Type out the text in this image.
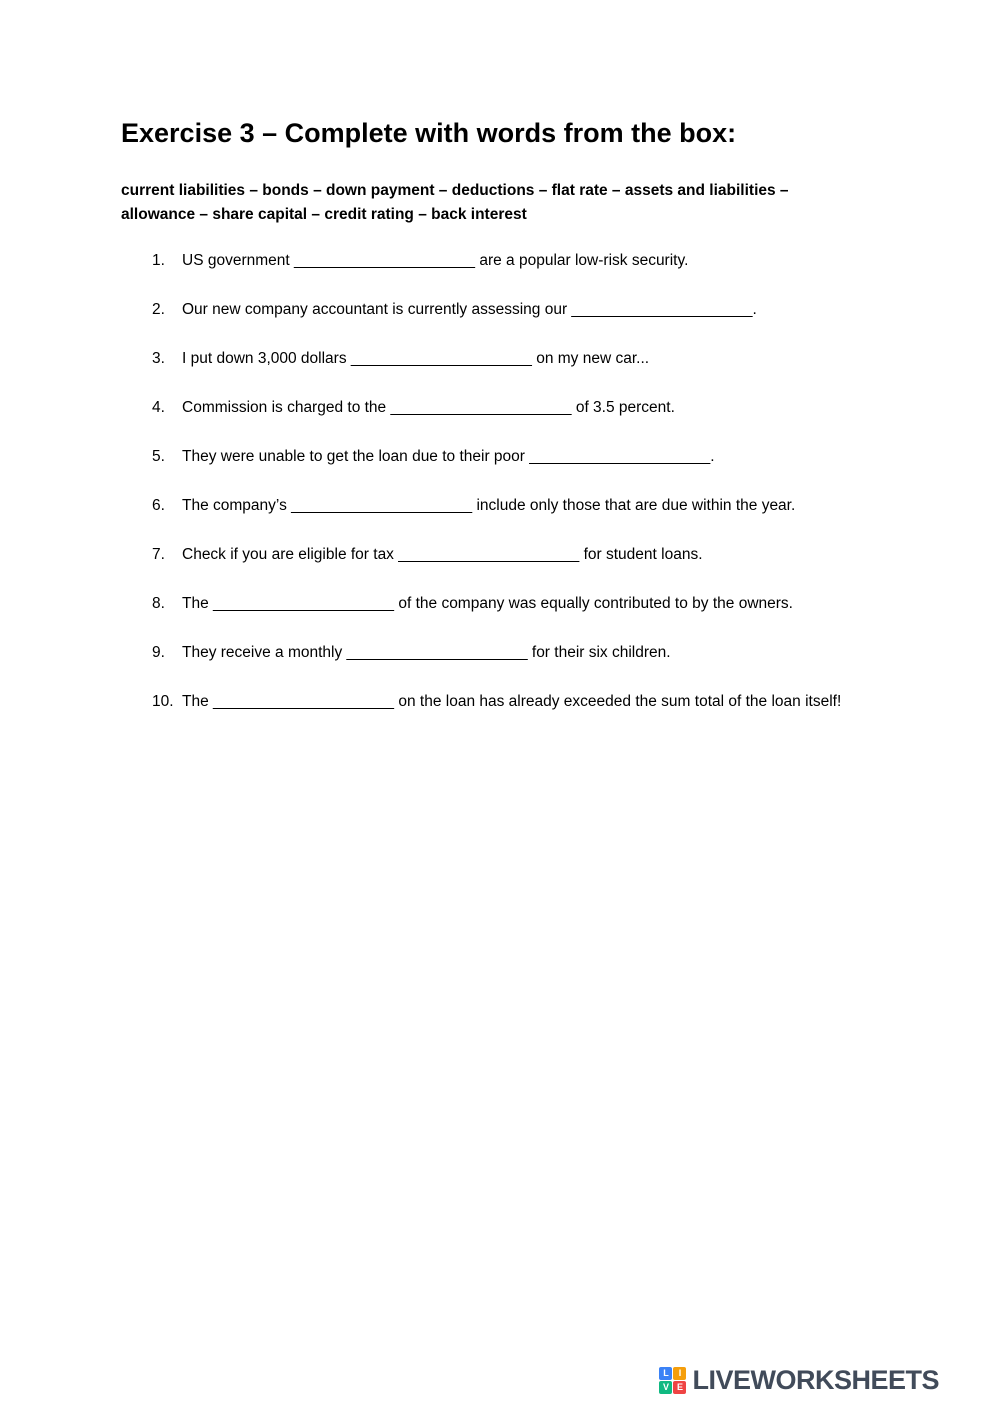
Exercise 3 – Complete with words from the box:

current liabilities – bonds – down payment – deductions – flat rate – assets and liabilities – allowance – share capital – credit rating – back interest

1.	US government _____________________ are a popular low-risk security.
2.	Our new company accountant is currently assessing our _____________________.
3.	I put down 3,000 dollars _____________________ on my new car...
4.	Commission is charged to the _____________________ of 3.5 percent.
5.	They were unable to get the loan due to their poor _____________________.
6.	The company’s _____________________ include only those that are due within the year.
7.	Check if you are eligible for tax _____________________ for student loans.
8.	The _____________________ of the company was equally contributed to by the owners.
9.	They receive a monthly _____________________ for their six children.
10. The _____________________ on the loan has already exceeded the sum total of the loan itself!
L	I
V E LIVEWORKSHEETS
